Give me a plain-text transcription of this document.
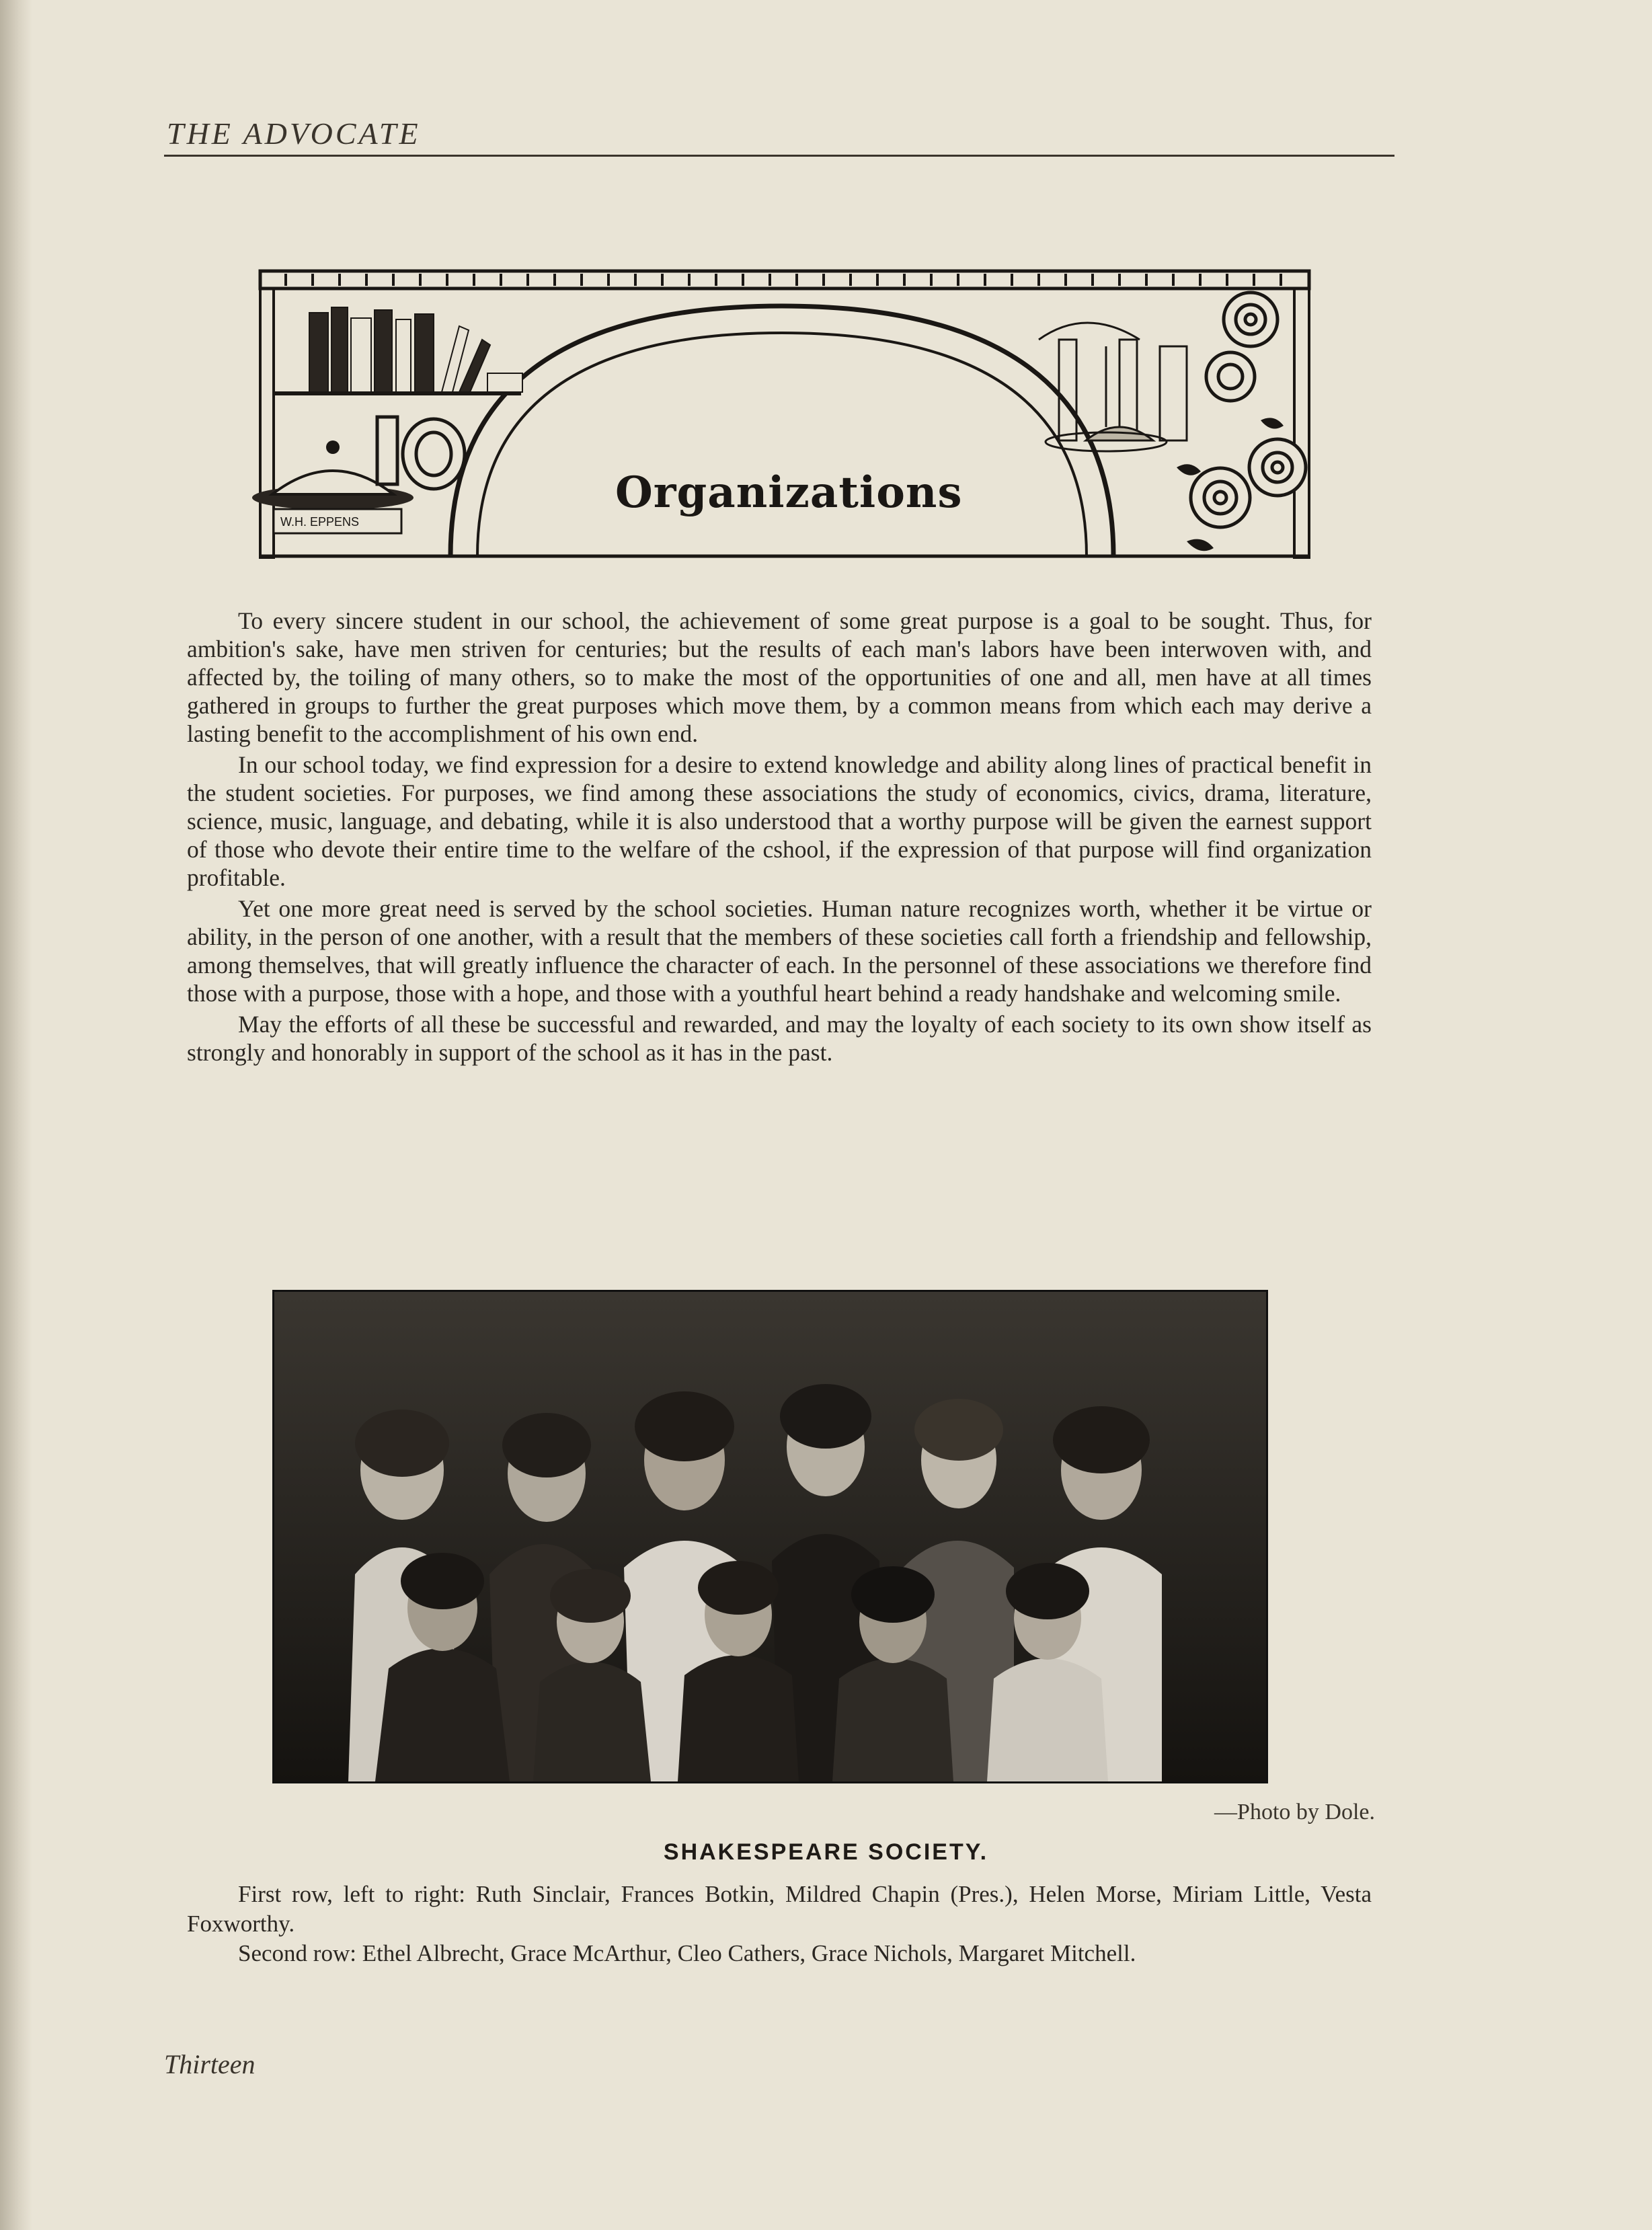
THE ADVOCATE
W.H. EPPENS
Organizations

To every sincere student in our school, the achievement of some great purpose is a goal to be sought. Thus, for ambition's sake, have men striven for centuries; but the results of each man's labors have been interwoven with, and affected by, the toiling of many others, so to make the most of the opportunities of one and all, men have at all times gathered in groups to further the great purposes which move them, by a common means from which each may derive a lasting benefit to the accomplishment of his own end.

In our school today, we find expression for a desire to extend knowledge and ability along lines of practical benefit in the student societies. For purposes, we find among these associations the study of economics, civics, drama, literature, science, music, language, and debating, while it is also understood that a worthy purpose will be given the earnest support of those who devote their entire time to the welfare of the cshool, if the expression of that purpose will find organization profitable.

Yet one more great need is served by the school societies. Human nature recognizes worth, whether it be virtue or ability, in the person of one another, with a result that the members of these societies call forth a friendship and fellowship, among themselves, that will greatly influence the character of each. In the personnel of these associations we therefore find those with a purpose, those with a hope, and those with a youthful heart behind a ready handshake and welcoming smile.

May the efforts of all these be successful and rewarded, and may the loyalty of each society to its own show itself as strongly and honorably in support of the school as it has in the past.

—Photo by Dole.
SHAKESPEARE SOCIETY.

First row, left to right: Ruth Sinclair, Frances Botkin, Mildred Chapin (Pres.), Helen Morse, Miriam Little, Vesta Foxworthy.

Second row: Ethel Albrecht, Grace McArthur, Cleo Cathers, Grace Nichols, Margaret Mitchell.

Thirteen
